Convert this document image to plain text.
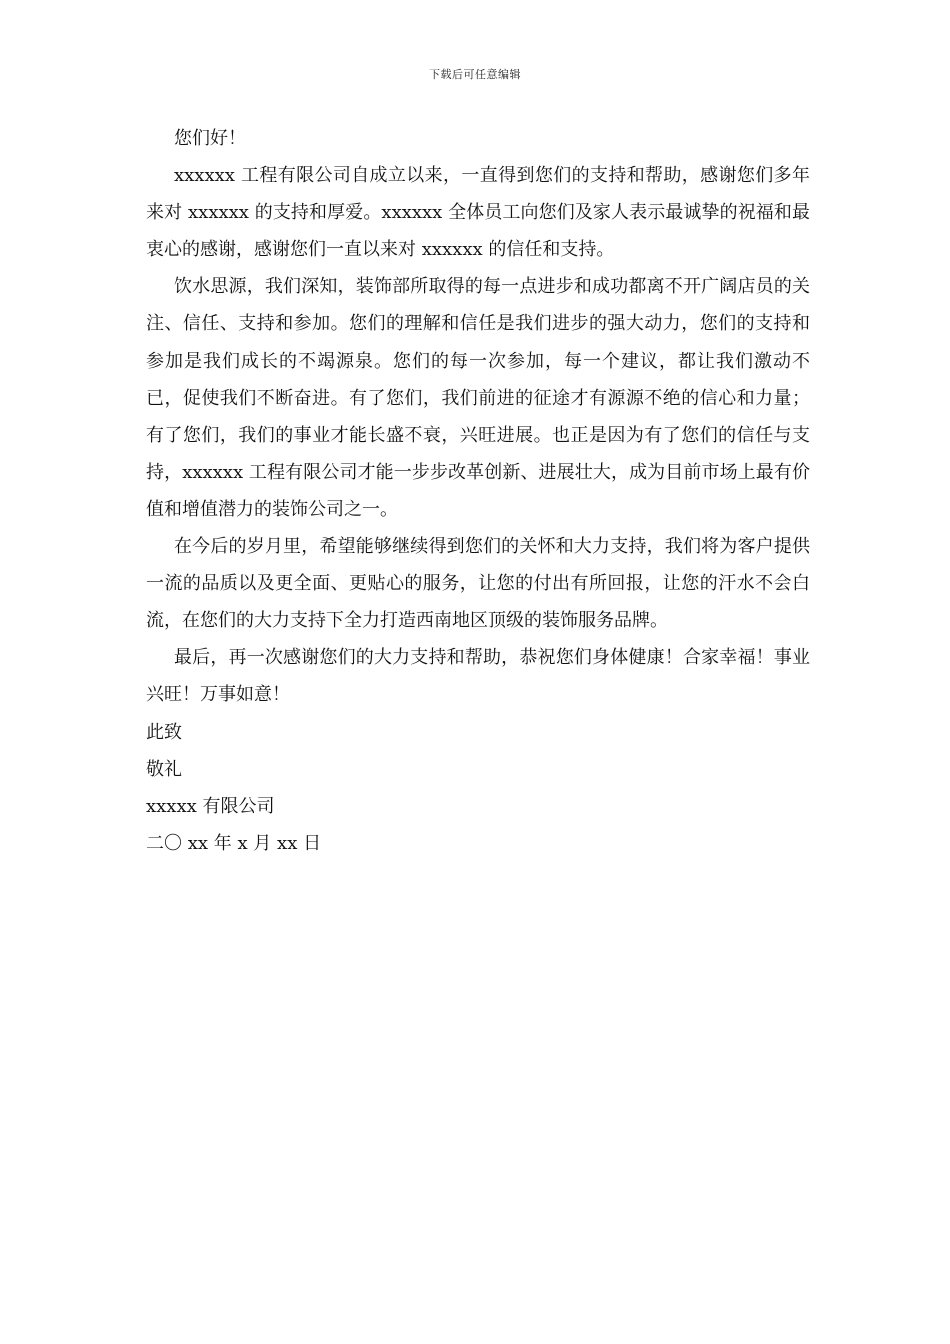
下载后可任意编辑

您们好！

xxxxxx 工程有限公司自成立以来，一直得到您们的支持和帮助，感谢您们多年来对 xxxxxx 的支持和厚爱。xxxxxx 全体员工向您们及家人表示最诚挚的祝福和最衷心的感谢，感谢您们一直以来对 xxxxxx 的信任和支持。

饮水思源，我们深知，装饰部所取得的每一点进步和成功都离不开广阔店员的关注、信任、支持和参加。您们的理解和信任是我们进步的强大动力，您们的支持和参加是我们成长的不竭源泉。您们的每一次参加，每一个建议，都让我们激动不已，促使我们不断奋进。有了您们，我们前进的征途才有源源不绝的信心和力量；有了您们，我们的事业才能长盛不衰，兴旺进展。也正是因为有了您们的信任与支持，xxxxxx 工程有限公司才能一步步改革创新、进展壮大，成为目前市场上最有价值和增值潜力的装饰公司之一。

在今后的岁月里，希望能够继续得到您们的关怀和大力支持，我们将为客户提供一流的品质以及更全面、更贴心的服务，让您的付出有所回报，让您的汗水不会白流，在您们的大力支持下全力打造西南地区顶级的装饰服务品牌。

最后，再一次感谢您们的大力支持和帮助，恭祝您们身体健康！合家幸福！事业兴旺！万事如意！

此致

敬礼

xxxxx 有限公司

二〇 xx 年 x 月 xx 日
